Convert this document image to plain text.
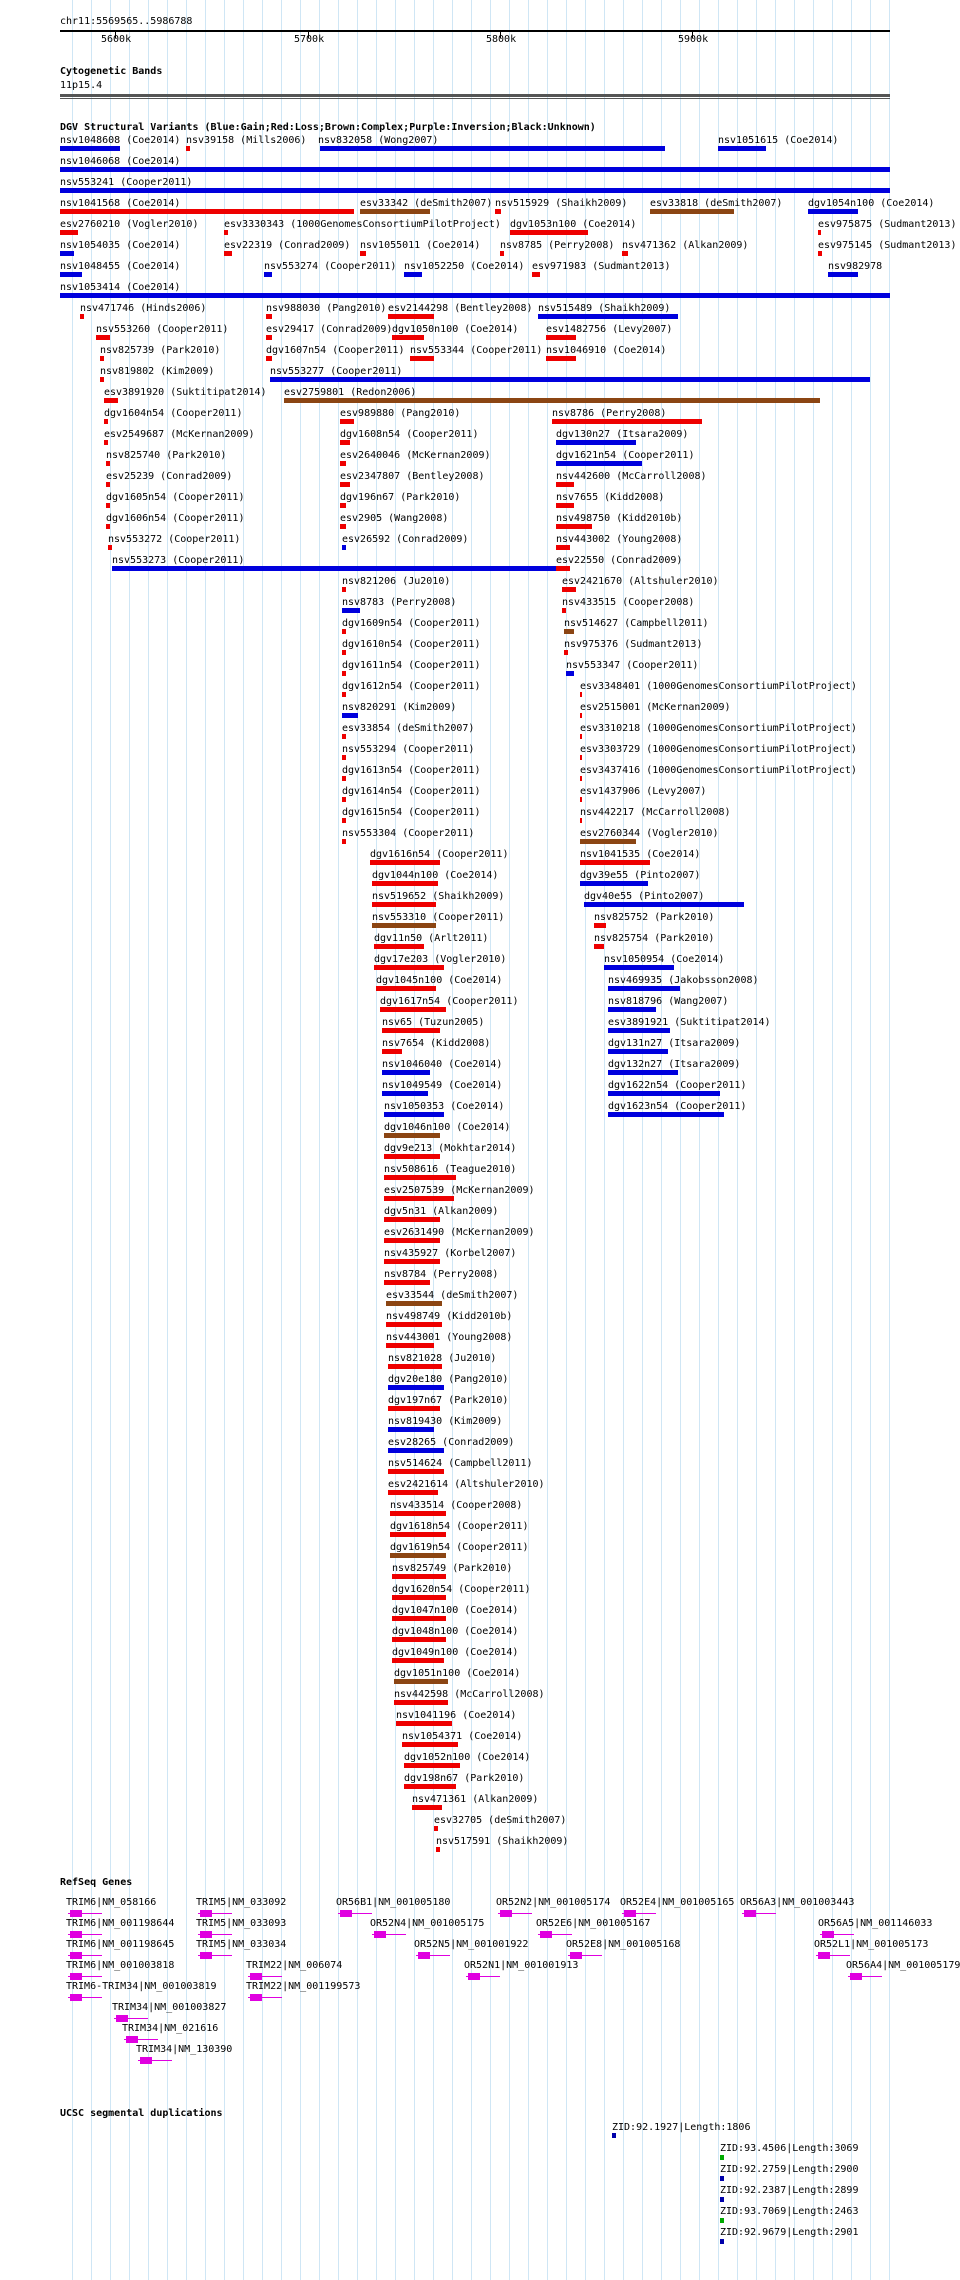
chr11:5569565..5986788
5600k	5700k	5800k	5900k
Cytogenetic Bands
11p15.4
DGV Structural Variants (Blue:Gain;Red:Loss;Brown:Complex;Purple:Inversion;Black:Unknown)
nsv1048608 (Coe2014) nsv39158 (Mills2006) nsv832058 (Wong2007)	nsv1051615 (Coe2014)
nsv1046068 (Coe2014)
nsv553241 (Cooper2011)
nsv1041568 (Coe2014)	esv33342 (deSmith2007) nsv515929 (Shaikh2009) esv33818 (deSmith2007)	dgv1054n100 (Coe2014)
esv2760210 (Vogler2010)	esv3330343 (1000GenomesConsortiumPilotProject) dgv1053n100 (Coe2014)	esv975875 (Sudmant2013)
nsv1054035 (Coe2014)	esv22319 (Conrad2009) nsv1055011 (Coe2014) nsv8785 (Perry2008) nsv471362 (Alkan2009)	esv975145 (Sudmant2013)
nsv1048455 (Coe2014)	nsv553274 (Cooper2011) nsv1052250 (Coe2014) esv971983 (Sudmant2013)	nsv982978
nsv1053414 (Coe2014)
nsv471746 (Hinds2006)	nsv988030 (Pang2010) esv2144298 (Bentley2008) nsv515489 (Shaikh2009)
nsv553260 (Cooper2011)	esv29417 (Conrad2009) dgv1050n100 (Coe2014)	esv1482756 (Levy2007)
nsv825739 (Park2010)	dgv1607n54 (Cooper2011) nsv553344 (Cooper2011) nsv1046910 (Coe2014)
nsv819802 (Kim2009)	nsv553277 (Cooper2011)
esv3891920 (Suktitipat2014) esv2759801 (Redon2006)
dgv1604n54 (Cooper2011)	esv989880 (Pang2010)	nsv8786 (Perry2008)
esv2549687 (McKernan2009)	dgv1608n54 (Cooper2011)	dgv130n27 (Itsara2009)
nsv825740 (Park2010)	esv2640046 (McKernan2009)	dgv1621n54 (Cooper2011)
esv25239 (Conrad2009)	esv2347807 (Bentley2008)	nsv442600 (McCarroll2008)
dgv1605n54 (Cooper2011)	dgv196n67 (Park2010)	nsv7655 (Kidd2008)
dgv1606n54 (Cooper2011)	esv2905 (Wang2008)	nsv498750 (Kidd2010b)
nsv553272 (Cooper2011)	esv26592 (Conrad2009)	nsv443002 (Young2008)
nsv553273 (Cooper2011)	esv22550 (Conrad2009)
nsv821206 (Ju2010)	esv2421670 (Altshuler2010)
nsv8783 (Perry2008)	nsv433515 (Cooper2008)
dgv1609n54 (Cooper2011)	nsv514627 (Campbell2011)
dgv1610n54 (Cooper2011)	nsv975376 (Sudmant2013)
dgv1611n54 (Cooper2011)	nsv553347 (Cooper2011)
dgv1612n54 (Cooper2011)	esv3348401 (1000GenomesConsortiumPilotProject)
nsv820291 (Kim2009)	esv2515001 (McKernan2009)
esv33854 (deSmith2007)	esv3310218 (1000GenomesConsortiumPilotProject)
nsv553294 (Cooper2011)	esv3303729 (1000GenomesConsortiumPilotProject)
dgv1613n54 (Cooper2011)	esv3437416 (1000GenomesConsortiumPilotProject)
dgv1614n54 (Cooper2011)	esv1437906 (Levy2007)
dgv1615n54 (Cooper2011)	nsv442217 (McCarroll2008)
nsv553304 (Cooper2011)	esv2760344 (Vogler2010)
dgv1616n54 (Cooper2011)	nsv1041535 (Coe2014)
dgv1044n100 (Coe2014)	dgv39e55 (Pinto2007)
nsv519652 (Shaikh2009)	dgv40e55 (Pinto2007)
nsv553310 (Cooper2011)	nsv825752 (Park2010)
dgv11n50 (Arlt2011)	nsv825754 (Park2010)
dgv17e203 (Vogler2010)	nsv1050954 (Coe2014)
dgv1045n100 (Coe2014)	nsv469935 (Jakobsson2008)
dgv1617n54 (Cooper2011)	nsv818796 (Wang2007)
nsv65 (Tuzun2005)	esv3891921 (Suktitipat2014)
nsv7654 (Kidd2008)	dgv131n27 (Itsara2009)
nsv1046040 (Coe2014)	dgv132n27 (Itsara2009)
nsv1049549 (Coe2014)	dgv1622n54 (Cooper2011)
nsv1050353 (Coe2014)	dgv1623n54 (Cooper2011)
dgv1046n100 (Coe2014)
dgv9e213 (Mokhtar2014)
nsv508616 (Teague2010)
esv2507539 (McKernan2009)
dgv5n31 (Alkan2009)
esv2631490 (McKernan2009)
nsv435927 (Korbel2007)
nsv8784 (Perry2008)
esv33544 (deSmith2007)
nsv498749 (Kidd2010b)
nsv443001 (Young2008)
nsv821028 (Ju2010)
dgv20e180 (Pang2010)
dgv197n67 (Park2010)
nsv819430 (Kim2009)
esv28265 (Conrad2009)
nsv514624 (Campbell2011)
esv2421614 (Altshuler2010)
nsv433514 (Cooper2008)
dgv1618n54 (Cooper2011)
dgv1619n54 (Cooper2011)
nsv825749 (Park2010)
dgv1620n54 (Cooper2011)
dgv1047n100 (Coe2014)
dgv1048n100 (Coe2014)
dgv1049n100 (Coe2014)
dgv1051n100 (Coe2014)
nsv442598 (McCarroll2008)
nsv1041196 (Coe2014)
nsv1054371 (Coe2014)
dgv1052n100 (Coe2014)
dgv198n67 (Park2010)
nsv471361 (Alkan2009)
esv32705 (deSmith2007)
nsv517591 (Shaikh2009)
RefSeq Genes
TRIM6|NM_058166	TRIM5|NM_033092	OR56B1|NM_001005180	OR52N2|NM_001005174 OR52E4|NM_001005165 OR56A3|NM_001003443
TRIM6|NM_001198644 TRIM5|NM_033093	OR52N4|NM_001005175	OR52E6|NM_001005167	OR56A5|NM_001146033
TRIM6|NM_001198645 TRIM5|NM_033034	OR52N5|NM_001001922	OR52E8|NM_001005168	OR52L1|NM_001005173
TRIM6|NM_001003818	TRIM22|NM_006074	OR52N1|NM_001001913	OR56A4|NM_001005179
TRIM6-TRIM34|NM_001003819	TRIM22|NM_001199573
TRIM34|NM_001003827
TRIM34|NM_021616
TRIM34|NM_130390
UCSC segmental duplications
ZID:92.1927|Length:1806
ZID:93.4506|Length:3069
ZID:92.2759|Length:2900
ZID:92.2387|Length:2899
ZID:93.7069|Length:2463
ZID:92.9679|Length:2901
